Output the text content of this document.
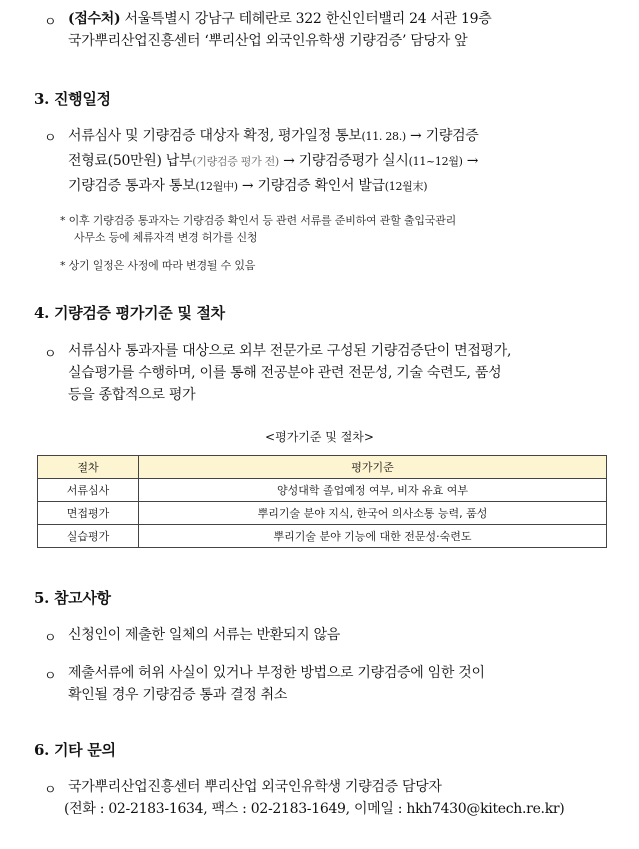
ㅇ (접수처) 서울특별시 강남구 테헤란로 322 한신인터밸리 24 서관 19층
국가뿌리산업진흥센터 ‘뿌리산업 외국인유학생 기량검증’ 담당자 앞
3. 진행일정
ㅇ 서류심사 및 기량검증 대상자 확정, 평가일정 통보(11. 28.) → 기량검증
전형료(50만원) 납부(기량검증 평가 전) → 기량검증평가 실시(11~12월) →
기량검증 통과자 통보(12월中) → 기량검증 확인서 발급(12월末)
* 이후 기량검증 통과자는 기량검증 확인서 등 관련 서류를 준비하여 관할 출입국관리
사무소 등에 체류자격 변경 허가를 신청
* 상기 일정은 사정에 따라 변경될 수 있음
4. 기량검증 평가기준 및 절차
ㅇ 서류심사 통과자를 대상으로 외부 전문가로 구성된 기량검증단이 면접평가,
실습평가를 수행하며, 이를 통해 전공분야 관련 전문성, 기술 숙련도, 품성
등을 종합적으로 평가
<평가기준 및 절차>
절차	평가기준
서류심사	양성대학 졸업예정 여부, 비자 유효 여부
면접평가	뿌리기술 분야 지식, 한국어 의사소통 능력, 품성
실습평가	뿌리기술 분야 기능에 대한 전문성·숙련도
5. 참고사항
ㅇ 신청인이 제출한 일체의 서류는 반환되지 않음
ㅇ 제출서류에 허위 사실이 있거나 부정한 방법으로 기량검증에 임한 것이
확인될 경우 기량검증 통과 결정 취소
6. 기타 문의
ㅇ 국가뿌리산업진흥센터 뿌리산업 외국인유학생 기량검증 담당자
(전화 : 02-2183-1634, 팩스 : 02-2183-1649, 이메일 : hkh7430@kitech.re.kr)
